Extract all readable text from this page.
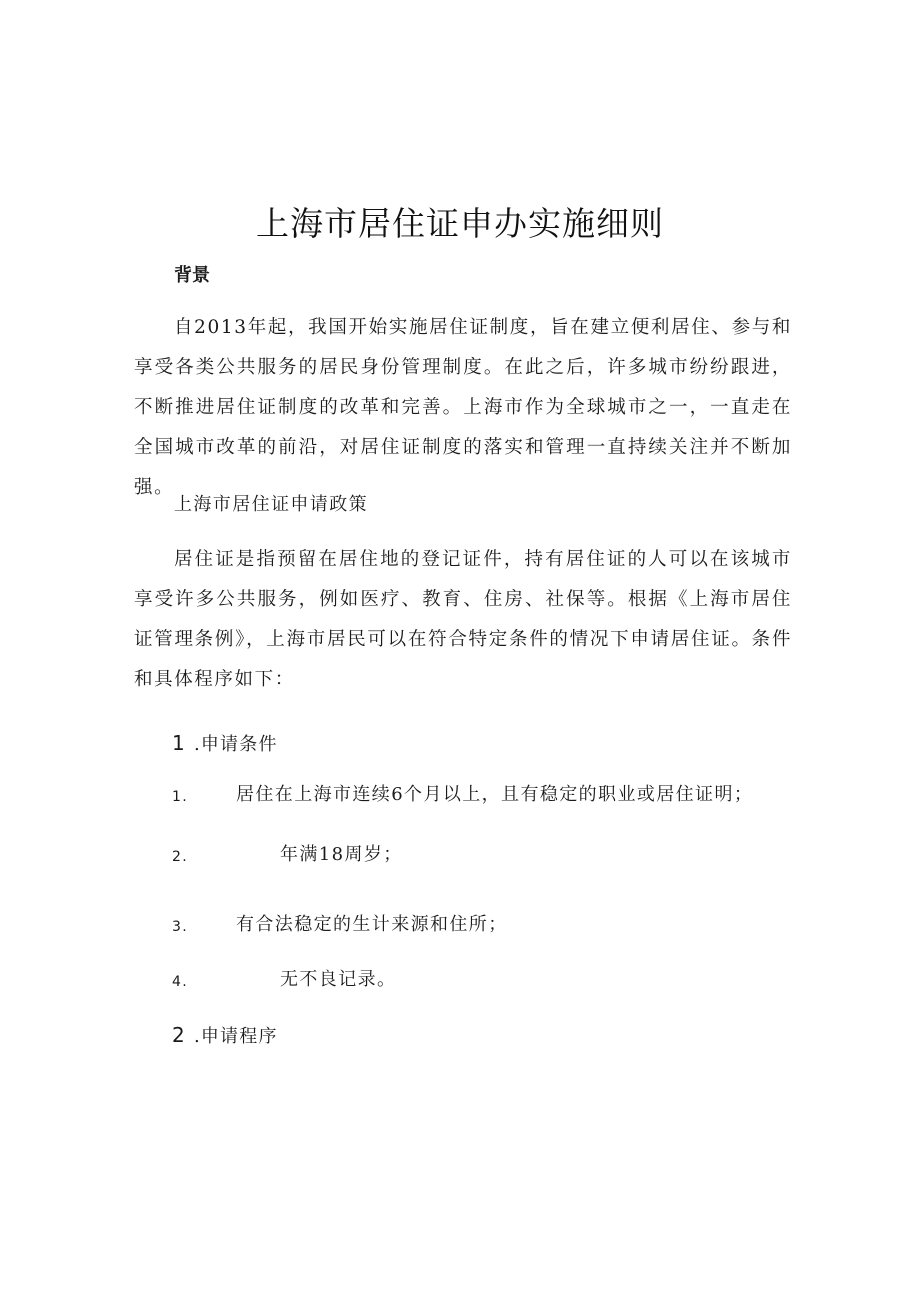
上海市居住证申办实施细则

背景

自2013年起，我国开始实施居住证制度，旨在建立便利居住、参与和享受各类公共服务的居民身份管理制度。在此之后，许多城市纷纷跟进，不断推进居住证制度的改革和完善。上海市作为全球城市之一，一直走在全国城市改革的前沿，对居住证制度的落实和管理一直持续关注并不断加强。

上海市居住证申请政策

居住证是指预留在居住地的登记证件，持有居住证的人可以在该城市享受许多公共服务，例如医疗、教育、住房、社保等。根据《上海市居住证管理条例》，上海市居民可以在符合特定条件的情况下申请居住证。条件和具体程序如下：

1 .申请条件

1.	居住在上海市连续6个月以上，且有稳定的职业或居住证明；
2.	年满18周岁；
3.	有合法稳定的生计来源和住所；
4.	无不良记录。

2 .申请程序
